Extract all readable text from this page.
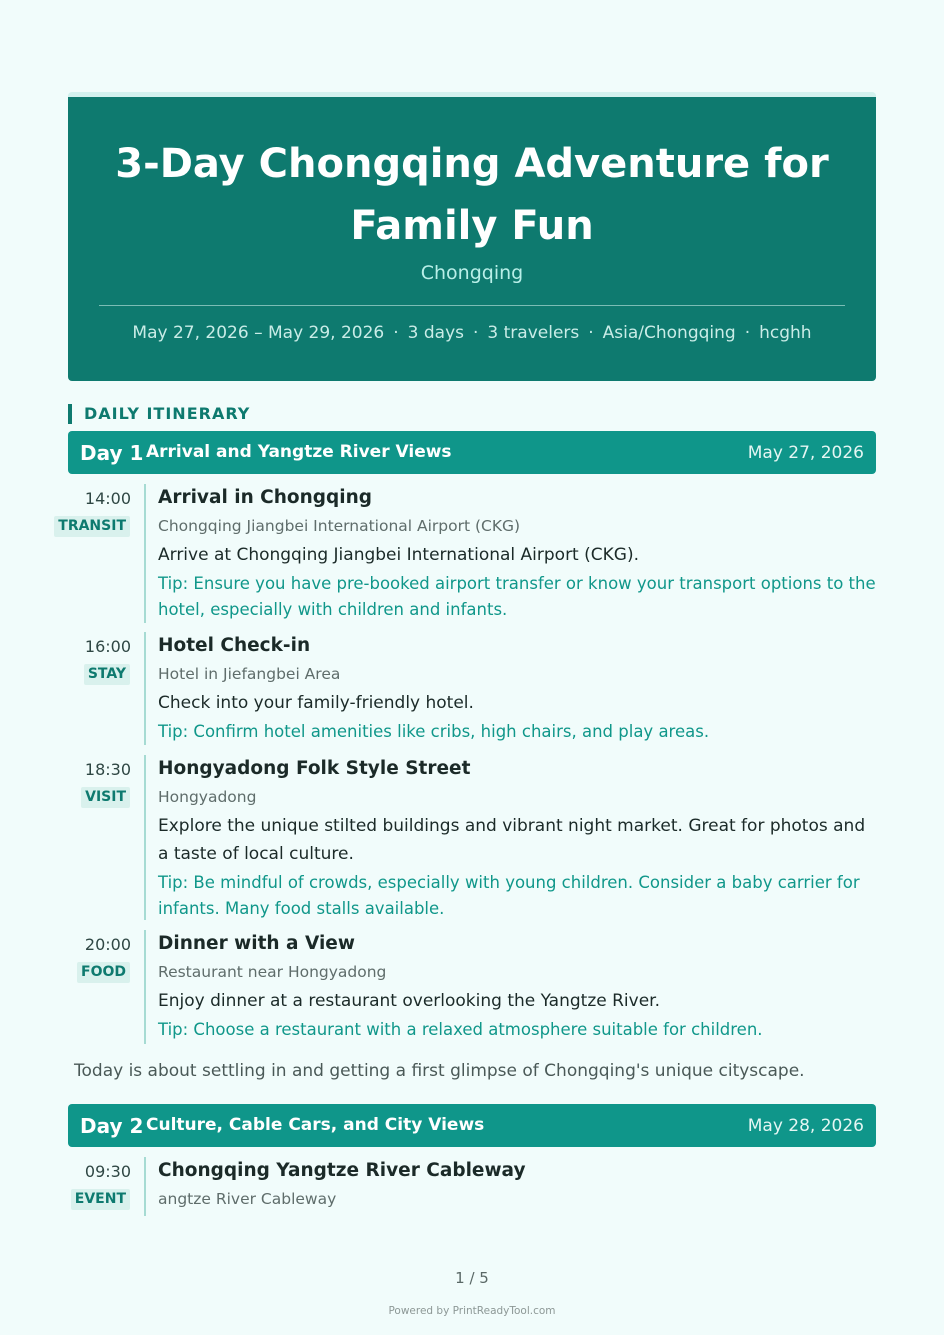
3-Day Chongqing Adventure for Family Fun
Chongqing
May 27, 2026 – May 29, 2026 · 3 days · 3 travelers · Asia/Chongqing · hcghh
DAILY ITINERARY
Day 1 Arrival and Yangtze River Views	May 27, 2026
14:00
TRANSIT
Arrival in Chongqing
Chongqing Jiangbei International Airport (CKG)
Arrive at Chongqing Jiangbei International Airport (CKG).
Tip: Ensure you have pre-booked airport transfer or know your transport options to the hotel, especially with children and infants.
16:00
STAY
Hotel Check-in
Hotel in Jiefangbei Area
Check into your family-friendly hotel.
Tip: Confirm hotel amenities like cribs, high chairs, and play areas.
18:30
VISIT
Hongyadong Folk Style Street
Hongyadong
Explore the unique stilted buildings and vibrant night market. Great for photos and a taste of local culture.
Tip: Be mindful of crowds, especially with young children. Consider a baby carrier for infants. Many food stalls available.
20:00
FOOD
Dinner with a View
Restaurant near Hongyadong
Enjoy dinner at a restaurant overlooking the Yangtze River.
Tip: Choose a restaurant with a relaxed atmosphere suitable for children.
Today is about settling in and getting a first glimpse of Chongqing's unique cityscape.
Day 2 Culture, Cable Cars, and City Views	May 28, 2026
09:30
EVENT
Chongqing Yangtze River Cableway
angtze River Cableway
1 / 5
Powered by PrintReadyTool.com
